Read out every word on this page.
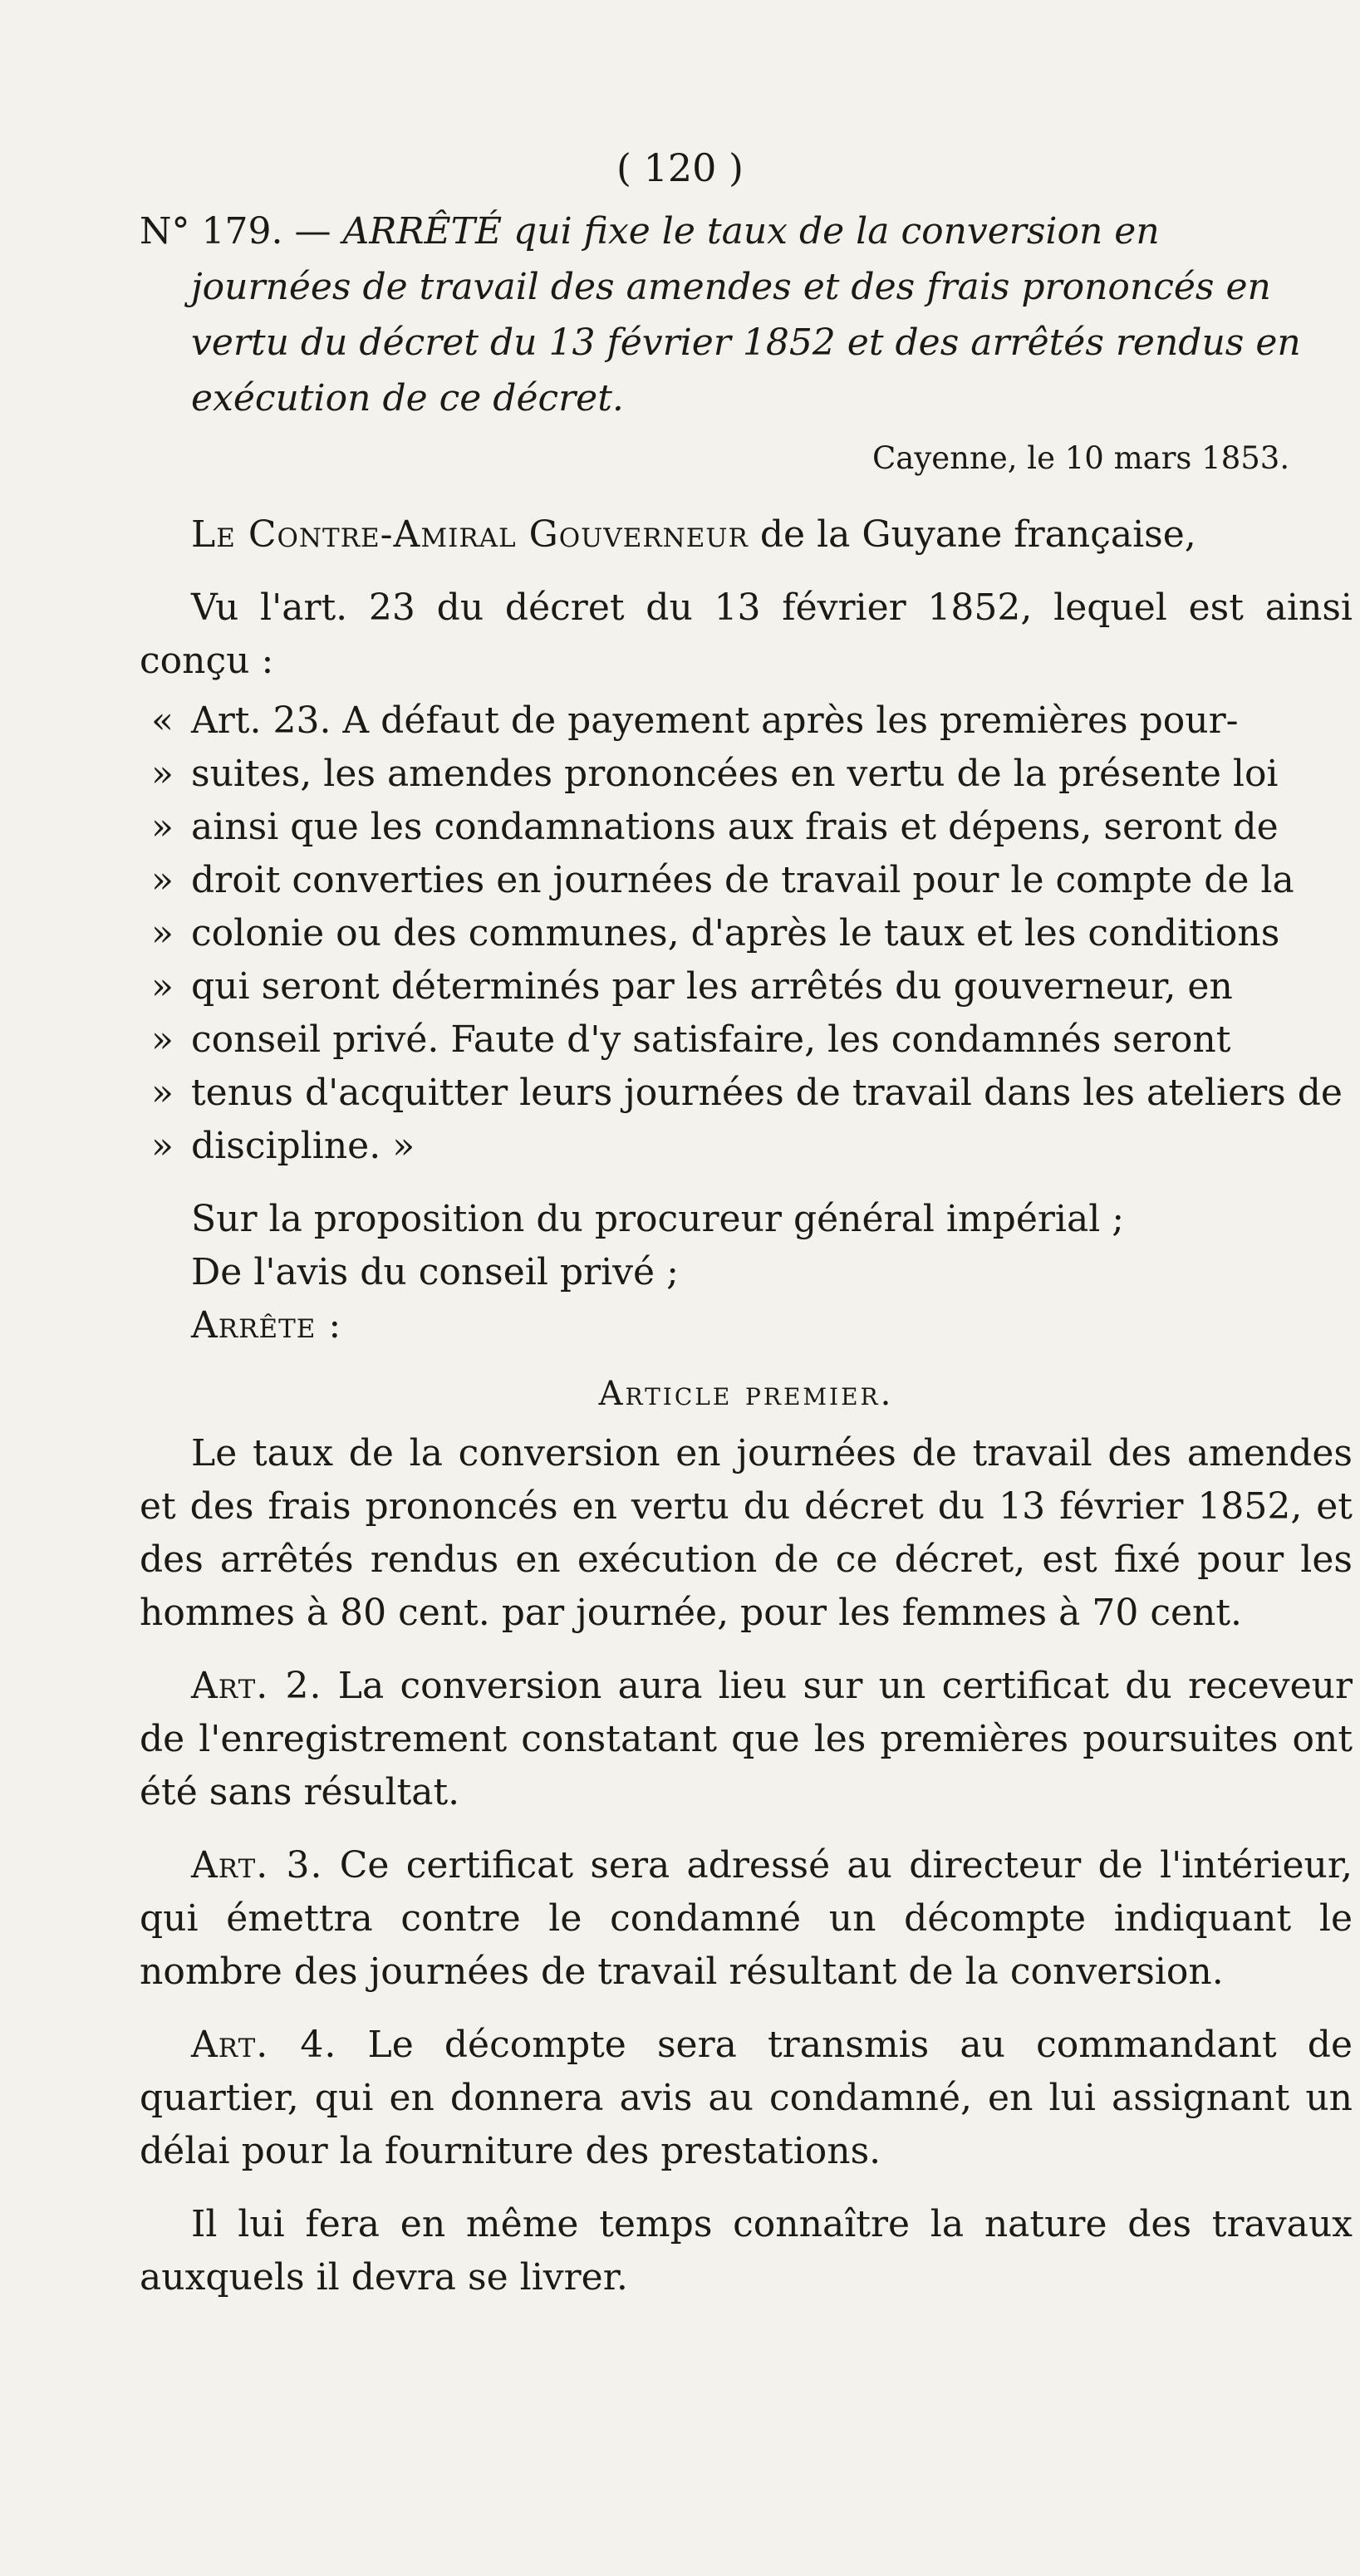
( 120 )
N° 179. — ARRÊTÉ qui fixe le taux de la conversion en
journées de travail des amendes et des frais prononcés en vertu du décret du 13 février 1852 et des arrêtés rendus en exécution de ce décret.
Cayenne, le 10 mars 1853.

Le Contre-Amiral Gouverneur de la Guyane française,

Vu l'art. 23 du décret du 13 février 1852, lequel est ainsi conçu :

« Art. 23. A défaut de payement après les premières pour-
» suites, les amendes prononcées en vertu de la présente loi
» ainsi que les condamnations aux frais et dépens, seront de
» droit converties en journées de travail pour le compte de la
» colonie ou des communes, d'après le taux et les conditions
» qui seront déterminés par les arrêtés du gouverneur, en
» conseil privé. Faute d'y satisfaire, les condamnés seront
» tenus d'acquitter leurs journées de travail dans les ateliers de
» discipline. »

Sur la proposition du procureur général impérial ;

De l'avis du conseil privé ;

Arrête :

Article premier.

Le taux de la conversion en journées de travail des amendes et des frais prononcés en vertu du décret du 13 février 1852, et des arrêtés rendus en exécution de ce décret, est fixé pour les hommes à 80 cent. par journée, pour les femmes à 70 cent.

Art. 2. La conversion aura lieu sur un certificat du receveur de l'enregistrement constatant que les premières poursuites ont été sans résultat.

Art. 3. Ce certificat sera adressé au directeur de l'intérieur, qui émettra contre le condamné un décompte indiquant le nombre des journées de travail résultant de la conversion.

Art. 4. Le décompte sera transmis au commandant de quartier, qui en donnera avis au condamné, en lui assignant un délai pour la fourniture des prestations.

Il lui fera en même temps connaître la nature des travaux auxquels il devra se livrer.
